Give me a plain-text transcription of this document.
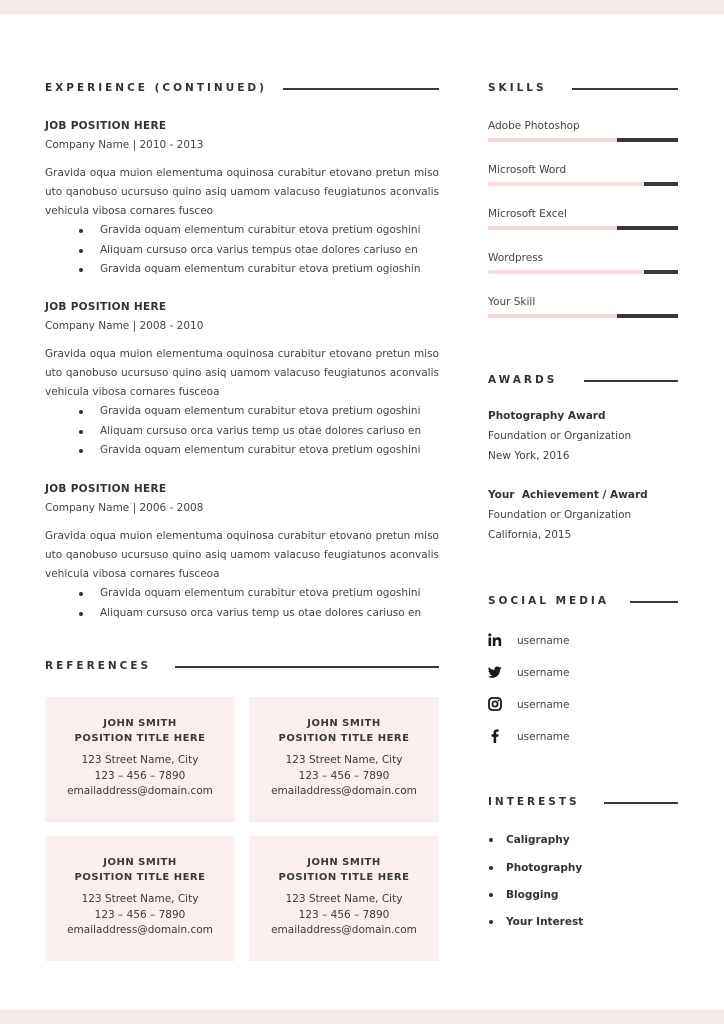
EXPERIENCE (CONTINUED)
JOB POSITION HERE
Company Name | 2010 - 2013
Gravida oqua muion elementuma oquinosa curabitur etovano pretun miso uto qanobuso ucursuso quino asiq uamom valacuso feugiatunos aconvalis vehicula vibosa cornares fusceo
Gravida oquam elementum curabitur etova pretium ogoshini
Aliquam cursuso orca varius tempus otae dolores cariuso en
Gravida oquam elementum curabitur etova pretium ogioshin
JOB POSITION HERE
Company Name | 2008 - 2010
Gravida oqua muion elementuma oquinosa curabitur etovano pretun miso uto qanobuso ucursuso quino asiq uamom valacuso feugiatunos aconvalis vehicula vibosa cornares fusceoa
Gravida oquam elementum curabitur etova pretium ogoshini
Aliquam cursuso orca varius temp us otae dolores cariuso en
Gravida oquam elementum curabitur etova pretium ogoshini
JOB POSITION HERE
Company Name | 2006 - 2008
Gravida oqua muion elementuma oquinosa curabitur etovano pretun miso uto qanobuso ucursuso quino asiq uamom valacuso feugiatunos aconvalis vehicula vibosa cornares fusceoa
Gravida oquam elementum curabitur etova pretium ogoshini
Aliquam cursuso orca varius temp us otae dolores cariuso en
REFERENCES
JOHN SMITH
POSITION TITLE HERE
123 Street Name, City
123 – 456 – 7890
emailaddress@domain.com
JOHN SMITH
POSITION TITLE HERE
123 Street Name, City
123 – 456 – 7890
emailaddress@domain.com
JOHN SMITH
POSITION TITLE HERE
123 Street Name, City
123 – 456 – 7890
emailaddress@domain.com
JOHN SMITH
POSITION TITLE HERE
123 Street Name, City
123 – 456 – 7890
emailaddress@domain.com
SKILLS
Adobe Photoshop
Microsoft Word
Microsoft Excel
Wordpress
Your Skill
AWARDS
Photography Award
Foundation or Organization
New York, 2016
Your  Achievement / Award
Foundation or Organization
California, 2015
SOCIAL MEDIA
username
username
username
username
INTERESTS
Caligraphy
Photography
Blogging
Your Interest
